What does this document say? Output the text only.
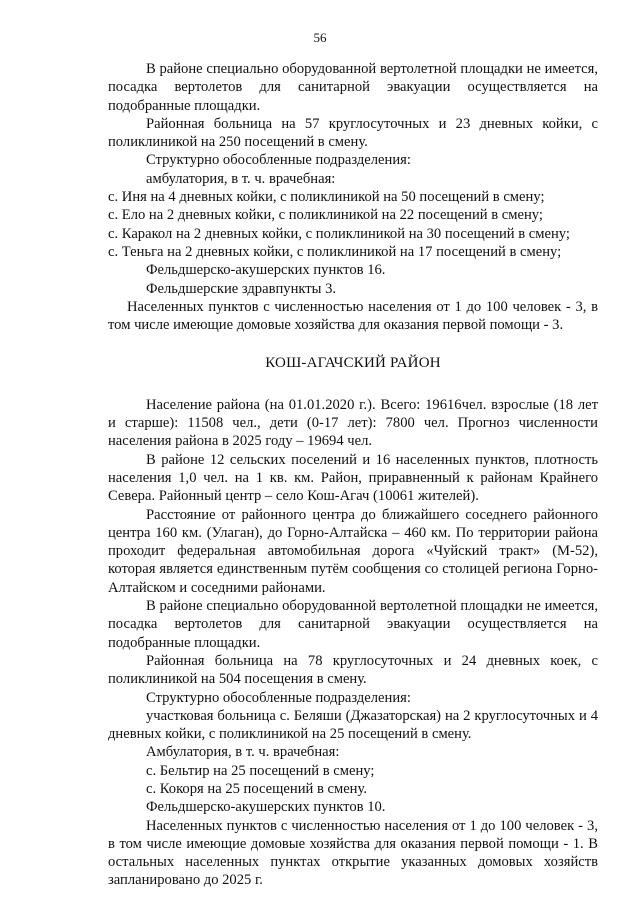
56

В районе специально оборудованной вертолетной площадки не имеется, посадка вертолетов для санитарной эвакуации осуществляется на подобранные площадки.

Районная больница на 57 круглосуточных и 23 дневных койки, с поликлиникой на 250 посещений в смену.

Структурно обособленные подразделения:

амбулатория, в т. ч. врачебная:

с. Иня на 4 дневных койки, с поликлиникой на 50 посещений в смену;

с. Ело на 2 дневных койки, с поликлиникой на 22 посещений в смену;

с. Каракол на 2 дневных койки, с поликлиникой на 30 посещений в смену;

с. Теньга на 2 дневных койки, с поликлиникой на 17 посещений в смену;

Фельдшерско-акушерских пунктов 16.

Фельдшерские здравпункты 3.

Населенных пунктов с численностью населения от 1 до 100 человек - 3, в том числе имеющие домовые хозяйства для оказания первой помощи - 3.

КОШ-АГАЧСКИЙ РАЙОН

Население района (на 01.01.2020 г.). Всего: 19616чел. взрослые (18 лет и старше): 11508 чел., дети (0-17 лет): 7800 чел. Прогноз численности населения района в 2025 году – 19694 чел.

В районе 12 сельских поселений и 16 населенных пунктов, плотность населения 1,0 чел. на 1 кв. км. Район, приравненный к районам Крайнего Севера. Районный центр – село Кош-Агач (10061 жителей).

Расстояние от районного центра до ближайшего соседнего районного центра 160 км. (Улаган), до Горно-Алтайска – 460 км. По территории района проходит федеральная автомобильная дорога «Чуйский тракт» (М-52), которая является единственным путём сообщения со столицей региона Горно-Алтайском и соседними районами.

В районе специально оборудованной вертолетной площадки не имеется, посадка вертолетов для санитарной эвакуации осуществляется на подобранные площадки.

Районная больница на 78 круглосуточных и 24 дневных коек, с поликлиникой на 504 посещения в смену.

Структурно обособленные подразделения:

участковая больница с. Беляши (Джазаторская) на 2 круглосуточных и 4 дневных койки, с поликлиникой на 25 посещений в смену.

Амбулатория, в т. ч. врачебная:

с. Бельтир на 25 посещений в смену;

с. Кокоря на 25 посещений в смену.

Фельдшерско-акушерских пунктов 10.

Населенных пунктов с численностью населения от 1 до 100 человек - 3, в том числе имеющие домовые хозяйства для оказания первой помощи - 1. В остальных населенных пунктах открытие указанных домовых хозяйств запланировано до 2025 г.
